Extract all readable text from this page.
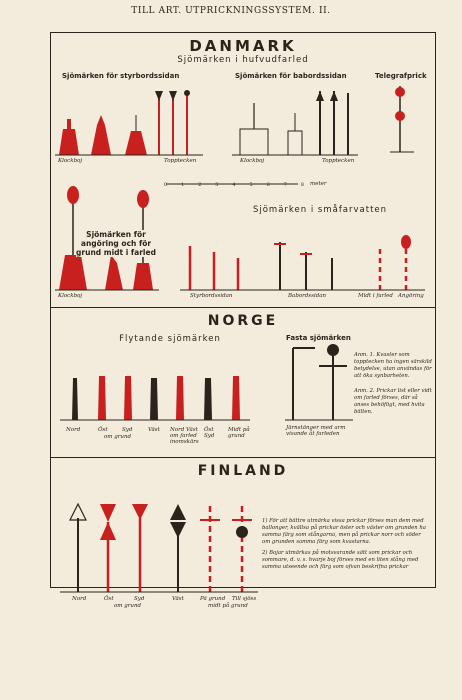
TILL ART. UTPRICKNINGSSYSTEM. II.
DANMARK
Sjömärken i hufvudfarled
Sjömärken för styrbordssidan	Sjömärken för babordssidan	Telegrafprick
Klockboj	Topptecken	Klockboj	Topptecken
0	1	2	3	4	5	6	7	8 meter
Sjömärken för angöring och för grund midt i farled
Klockboj
Sjömärken i småfarvatten
Styrbordssidan	Babordssidan	Midt i farled Angöring
NORGE
Flytande sjömärken	Fasta sjömärken
Anm. 1. Kvaster som topptecken ha ingen särskild betydelse, utan användas för att öka synbarheten.
Anm. 2. Prickar list eller vidt om farled förses, där så anses behöfligt, med hvita bälten.
Nord	Öst	Syd
om grund
Väst Nord Väst om farled inomskärs
Öst Syd
Midt på grund
Järnstänger med arm visande åt farleden
FINLAND
1) För att bättre utmärka vissa prickar förses man dem med ballonger, kvällsa på prickar öster och väster om grunden ha samma färg som stångarna, men på prickar norr och söder om grunden samma färg som kvastarna.
2) Bojar utmärkas på motsvarande sätt som prickar och sommare, d. v. s. hvarje boj förses med en liten stång med samma utseende och färg som ofvan beskrifna prickar
Nord	Öst	Syd
om grund
Väst	Pä grund Till sjöss
midt på grund
